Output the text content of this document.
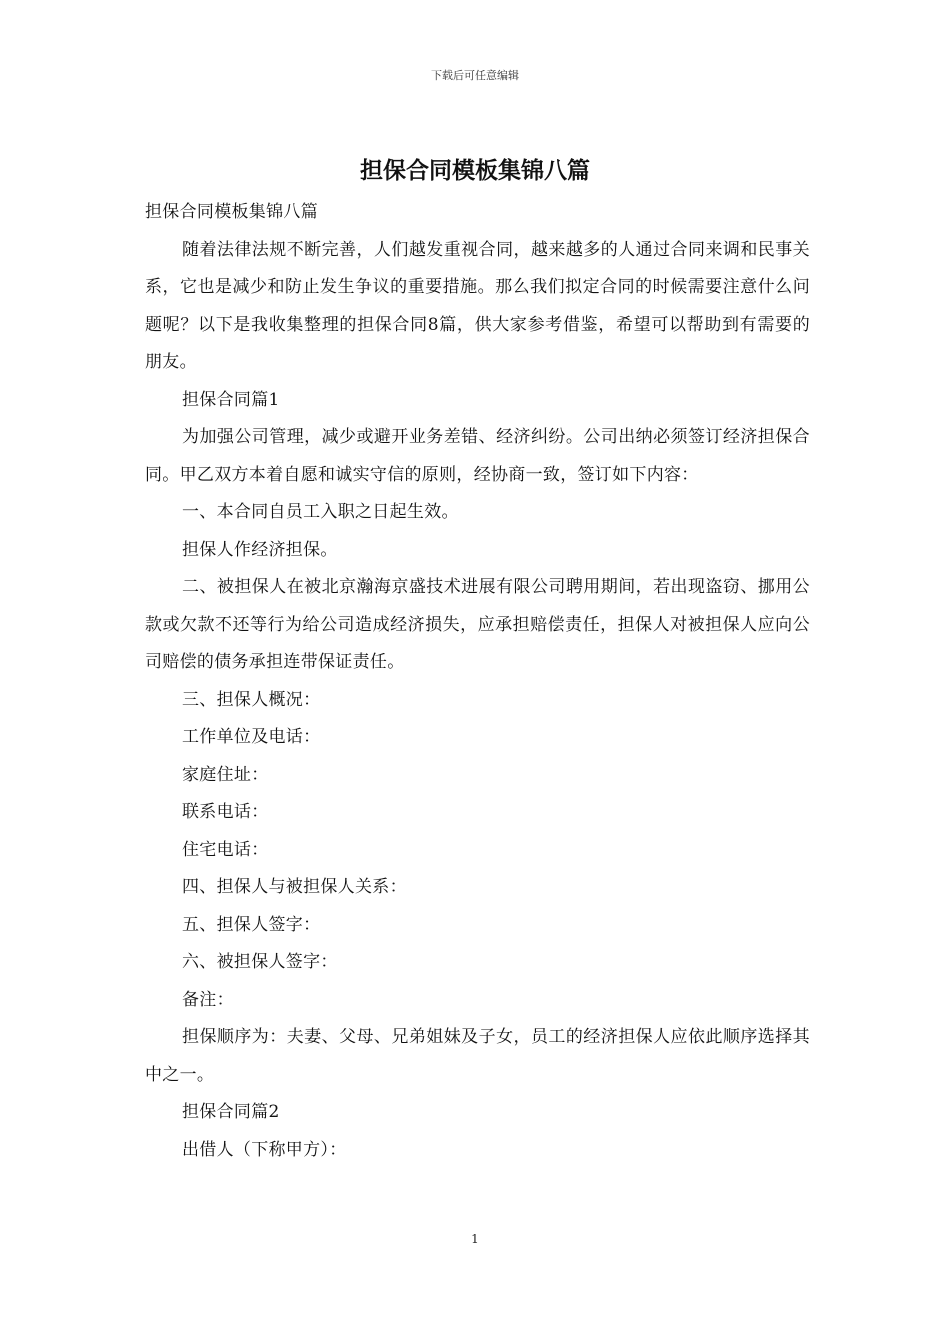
下载后可任意编辑
担保合同模板集锦八篇

担保合同模板集锦八篇

随着法律法规不断完善，人们越发重视合同，越来越多的人通过合同来调和民事关系，它也是减少和防止发生争议的重要措施。那么我们拟定合同的时候需要注意什么问题呢？以下是我收集整理的担保合同8篇，供大家参考借鉴，希望可以帮助到有需要的朋友。

担保合同篇1

为加强公司管理，减少或避开业务差错、经济纠纷。公司出纳必须签订经济担保合同。甲乙双方本着自愿和诚实守信的原则，经协商一致，签订如下内容：

一、本合同自员工入职之日起生效。

担保人作经济担保。

二、被担保人在被北京瀚海京盛技术进展有限公司聘用期间，若出现盗窃、挪用公款或欠款不还等行为给公司造成经济损失，应承担赔偿责任，担保人对被担保人应向公司赔偿的债务承担连带保证责任。

三、担保人概况：

工作单位及电话：

家庭住址：

联系电话：

住宅电话：

四、担保人与被担保人关系：

五、担保人签字：

六、被担保人签字：

备注：

担保顺序为：夫妻、父母、兄弟姐妹及子女，员工的经济担保人应依此顺序选择其中之一。

担保合同篇2

出借人（下称甲方）：

1
